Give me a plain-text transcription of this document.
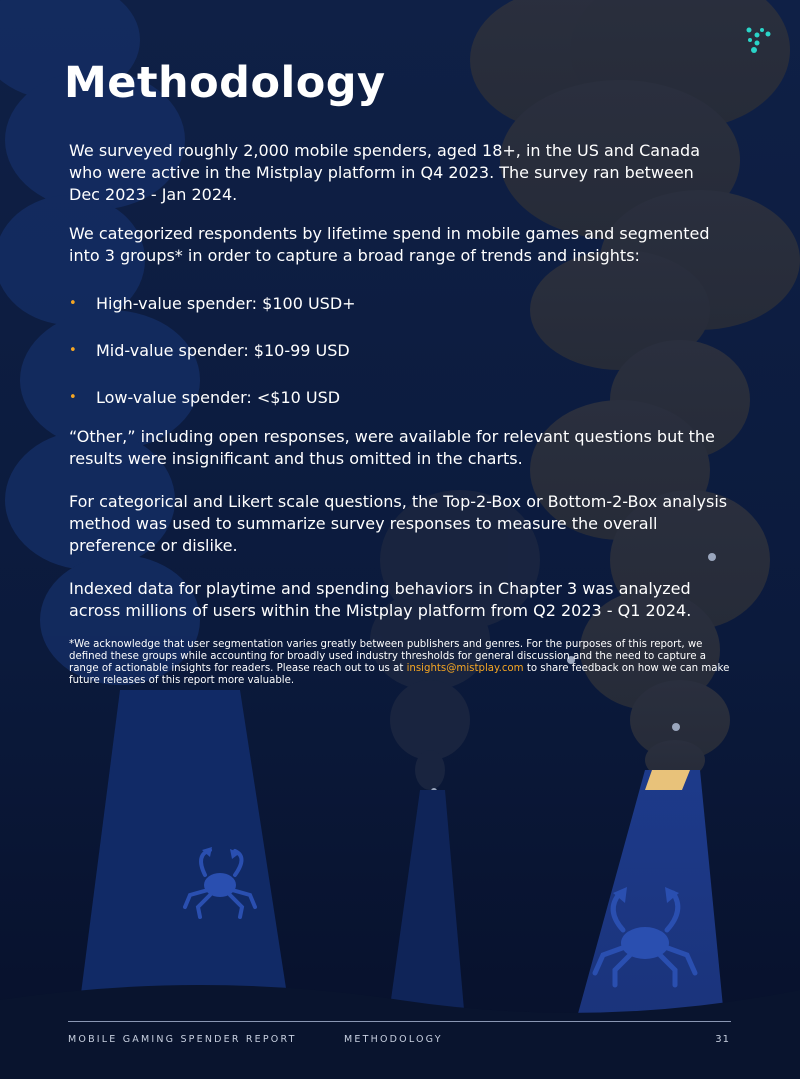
Methodology

We surveyed roughly 2,000 mobile spenders, aged 18+, in the US and Canada who were active in the Mistplay platform in Q4 2023. The survey ran between Dec 2023 - Jan 2024.

We categorized respondents by lifetime spend in mobile games and segmented into 3 groups* in order to capture a broad range of trends and insights:

• High-value spender: $100 USD+
• Mid-value spender: $10-99 USD
• Low-value spender: <$10 USD

“Other,” including open responses, were available for relevant questions but the results were insignificant and thus omitted in the charts.

For categorical and Likert scale questions, the Top-2-Box or Bottom-2-Box analysis method was used to summarize survey responses to measure the overall preference or dislike.

Indexed data for playtime and spending behaviors in Chapter 3 was analyzed across millions of users within the Mistplay platform from Q2 2023 - Q1 2024.

*We acknowledge that user segmentation varies greatly between publishers and genres. For the purposes of this report, we defined these groups while accounting for broadly used industry thresholds for general discussion and the need to capture a range of actionable insights for readers. Please reach out to us at insights@mistplay.com to share feedback on how we can make future releases of this report more valuable.
MOBILE GAMING SPENDER REPORT	METHODOLOGY	31
